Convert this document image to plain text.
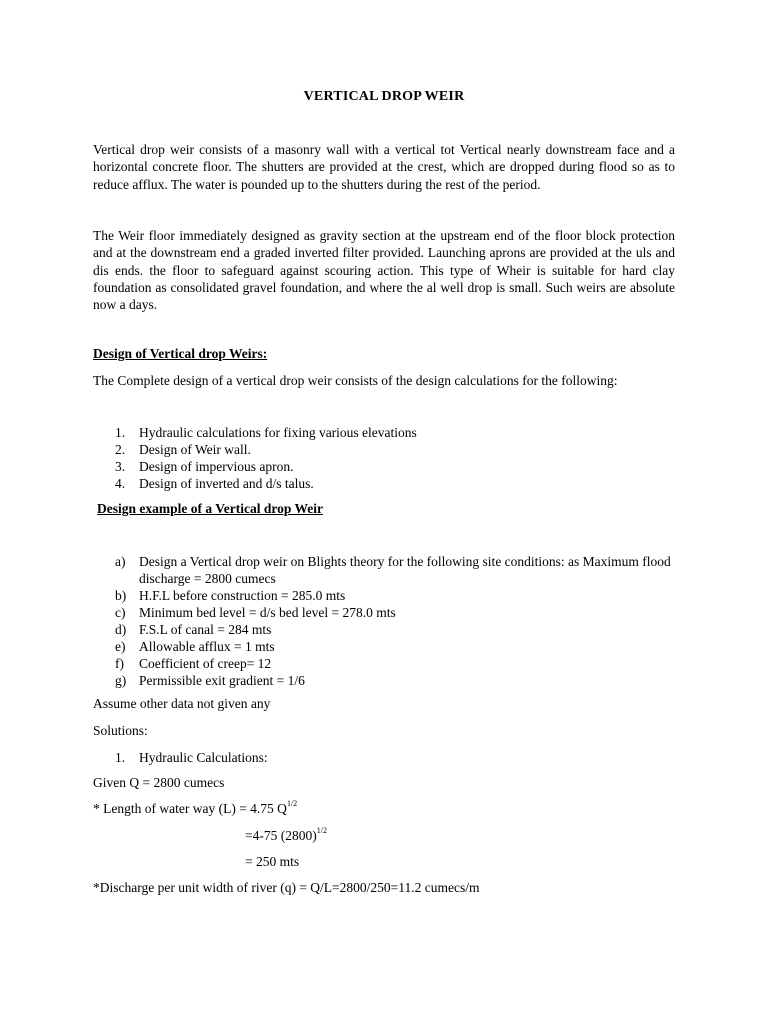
VERTICAL DROP WEIR

Vertical drop weir consists of a masonry wall with a vertical tot Vertical nearly downstream face and a horizontal concrete floor. The shutters are provided at the crest, which are dropped during flood so as to reduce afflux. The water is pounded up to the shutters during the rest of the period.

The Weir floor immediately designed as gravity section at the upstream end of the floor block protection and at the downstream end a graded inverted filter provided. Launching aprons are provided at the uls and dis ends. the floor to safeguard against scouring action. This type of Wheir is suitable for hard clay foundation as consolidated gravel foundation, and where the al well drop is small. Such weirs are absolute now a days.

Design of Vertical drop Weirs:
The Complete design of a vertical drop weir consists of the design calculations for the following:
1.	Hydraulic calculations for fixing various elevations
2.	Design of Weir wall.
3.	Design of impervious apron.
4.	Design of inverted and d/s talus.
Design example of a Vertical drop Weir
a)	Design a Vertical drop weir on Blights theory for the following site conditions: as Maximum flood discharge = 2800 cumecs
b) H.F.L before construction = 285.0 mts
c)	Minimum bed level = d/s bed level = 278.0 mts
d) F.S.L of canal = 284 mts
e)	Allowable afflux = 1 mts
f)	Coefficient of creep= 12
g) Permissible exit gradient = 1/6
Assume other data not given any
Solutions:
1.	Hydraulic Calculations:
Given Q = 2800 cumecs
* Length of water way (L) = 4.75 $Q^{1/2}$
=4-75 $(2800)^{1/2}$
= 250 mts
*Discharge per unit width of river (q) = Q/L=2800/250=11.2 cumecs/m
